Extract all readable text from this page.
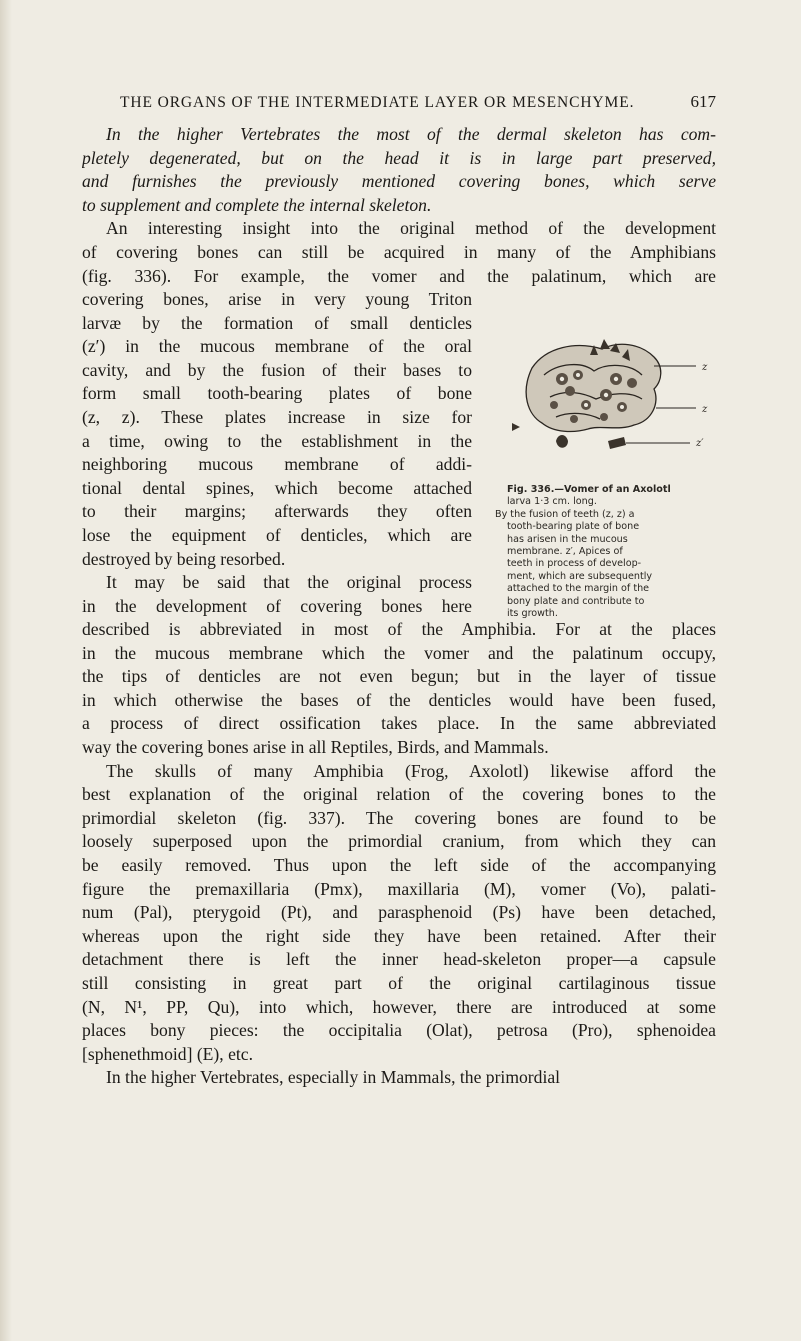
THE ORGANS OF THE INTERMEDIATE LAYER OR MESENCHYME.	617
In the higher Vertebrates the most of the dermal skeleton has com-
pletely degenerated, but on the head it is in large part preserved,
and furnishes the previously mentioned covering bones, which serve
to supplement and complete the internal skeleton.
An interesting insight into the original method of the development
of covering bones can still be acquired in many of the Amphibians
(fig. 336). For example, the vomer and the palatinum, which are
covering bones, arise in very young Triton
larvæ by the formation of small denticles
(z′) in the mucous membrane of the oral
cavity, and by the fusion of their bases to
form small tooth-bearing plates of bone
(z, z). These plates increase in size for
a time, owing to the establishment in the
neighboring mucous membrane of addi-
tional dental spines, which become attached
to their margins; afterwards they often
lose the equipment of denticles, which are
destroyed by being resorbed.
It may be said that the original process
in the development of covering bones here
z
z
z′
Fig. 336.—Vomer of an Axolotl
larva 1·3 cm. long.
By the fusion of teeth (z, z) a
tooth-bearing plate of bone
has arisen in the mucous
membrane. z′, Apices of
teeth in process of develop-
ment, which are subsequently
attached to the margin of the
bony plate and contribute to
its growth.
described is abbreviated in most of the Amphibia. For at the places
in the mucous membrane which the vomer and the palatinum occupy,
the tips of denticles are not even begun; but in the layer of tissue
in which otherwise the bases of the denticles would have been fused,
a process of direct ossification takes place. In the same abbreviated
way the covering bones arise in all Reptiles, Birds, and Mammals.
The skulls of many Amphibia (Frog, Axolotl) likewise afford the
best explanation of the original relation of the covering bones to the
primordial skeleton (fig. 337). The covering bones are found to be
loosely superposed upon the primordial cranium, from which they can
be easily removed. Thus upon the left side of the accompanying
figure the premaxillaria (Pmx), maxillaria (M), vomer (Vo), palati-
num (Pal), pterygoid (Pt), and parasphenoid (Ps) have been detached,
whereas upon the right side they have been retained. After their
detachment there is left the inner head-skeleton proper—a capsule
still consisting in great part of the original cartilaginous tissue
(N, N¹, PP, Qu), into which, however, there are introduced at some
places bony pieces: the occipitalia (Olat), petrosa (Pro), sphenoidea
[sphenethmoid] (E), etc.
In the higher Vertebrates, especially in Mammals, the primordial
